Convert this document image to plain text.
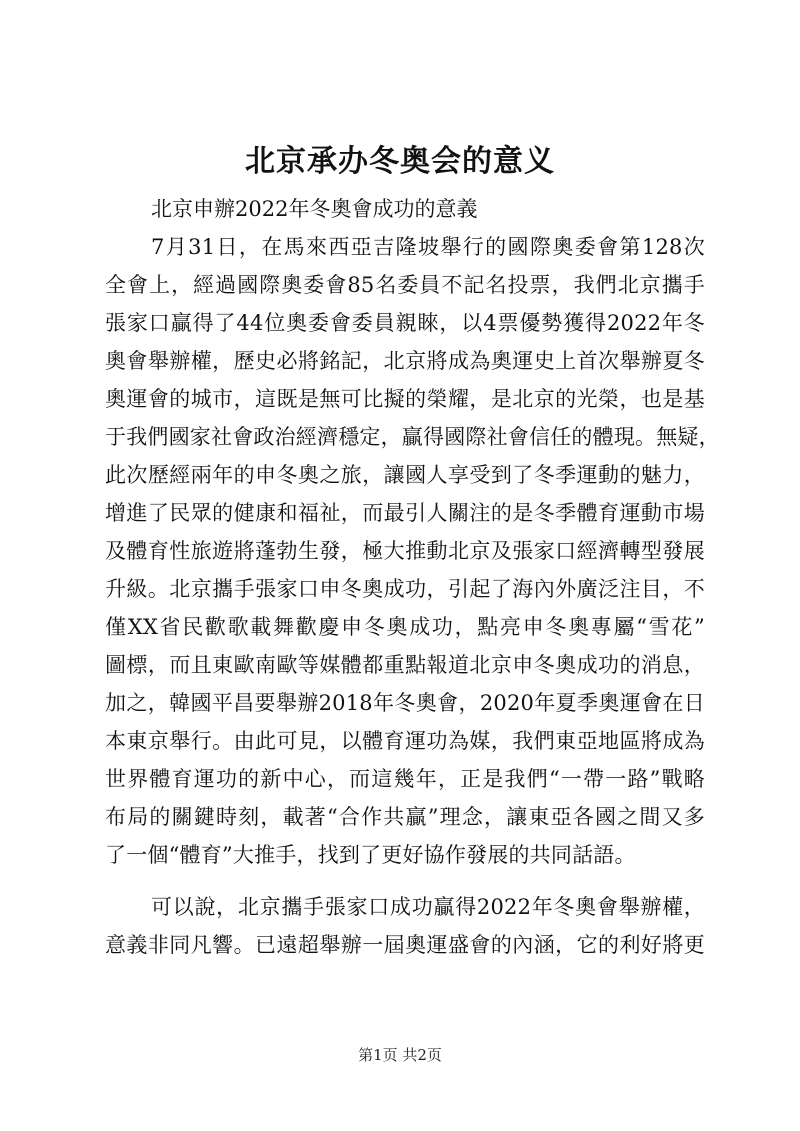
北京承办冬奥会的意义
北京申辦2022年冬奧會成功的意義
7月31日，在馬來西亞吉隆坡舉行的國際奧委會第128次
全會上，經過國際奧委會85名委員不記名投票，我們北京攜手
張家口贏得了44位奧委會委員親睞，以4票優勢獲得2022年冬
奧會舉辦權，歷史必將銘記，北京將成為奧運史上首次舉辦夏冬
奧運會的城市，這既是無可比擬的榮耀，是北京的光榮，也是基
于我們國家社會政治經濟穩定，贏得國際社會信任的體現。無疑，
此次歷經兩年的申冬奧之旅，讓國人享受到了冬季運動的魅力，
增進了民眾的健康和福祉，而最引人關注的是冬季體育運動市場
及體育性旅遊將蓬勃生發，極大推動北京及張家口經濟轉型發展
升級。北京攜手張家口申冬奧成功，引起了海內外廣泛注目，不
僅XX省民歡歌載舞歡慶申冬奧成功，點亮申冬奧專屬“雪花”
圖標，而且東歐南歐等媒體都重點報道北京申冬奧成功的消息，
加之，韓國平昌要舉辦2018年冬奧會，2020年夏季奧運會在日
本東京舉行。由此可見，以體育運功為媒，我們東亞地區將成為
世界體育運功的新中心，而這幾年，正是我們“一帶一路”戰略
布局的關鍵時刻，載著“合作共贏”理念，讓東亞各國之間又多
了一個“體育”大推手，找到了更好協作發展的共同話語。
可以說，北京攜手張家口成功贏得2022年冬奧會舉辦權，
意義非同凡響。已遠超舉辦一屆奧運盛會的內涵，它的利好將更
第1页 共2页
